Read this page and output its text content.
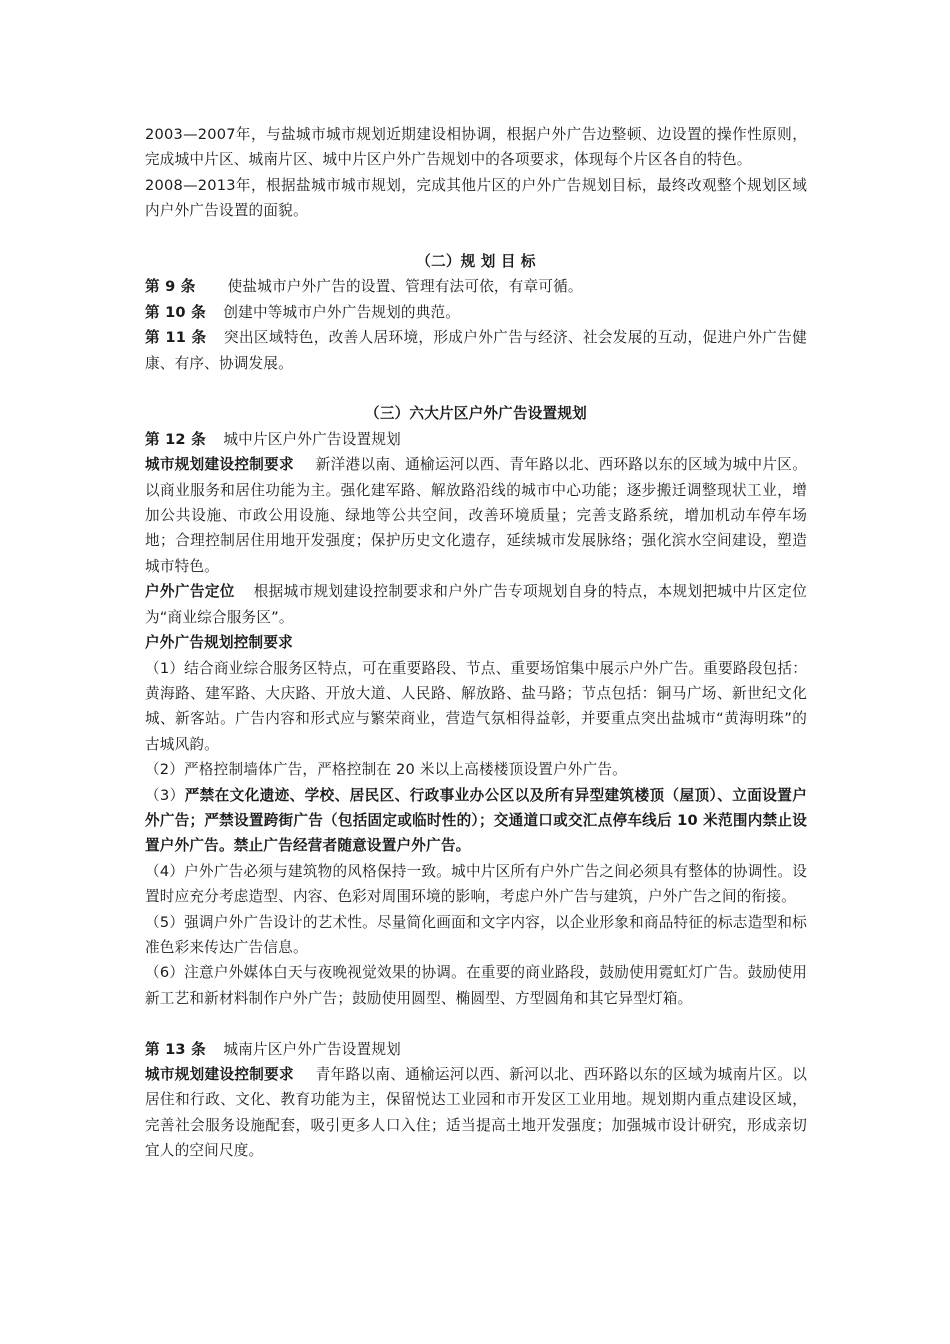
2003—2007年，与盐城市城市规划近期建设相协调，根据户外广告边整顿、边设置的操作性原则，完成城中片区、城南片区、城中片区户外广告规划中的各项要求，体现每个片区各自的特色。

2008—2013年，根据盐城市城市规划，完成其他片区的户外广告规划目标，最终改观整个规划区域内户外广告设置的面貌。

（二）规 划 目 标

第 9 条 使盐城市户外广告的设置、管理有法可依，有章可循。

第 10 条 创建中等城市户外广告规划的典范。

第 11 条 突出区域特色，改善人居环境，形成户外广告与经济、社会发展的互动，促进户外广告健康、有序、协调发展。

（三）六大片区户外广告设置规划

第 12 条 城中片区户外广告设置规划

城市规划建设控制要求 新洋港以南、通榆运河以西、青年路以北、西环路以东的区域为城中片区。以商业服务和居住功能为主。强化建军路、解放路沿线的城市中心功能；逐步搬迁调整现状工业，增加公共设施、市政公用设施、绿地等公共空间，改善环境质量；完善支路系统，增加机动车停车场地；合理控制居住用地开发强度；保护历史文化遗存，延续城市发展脉络；强化滨水空间建设，塑造城市特色。

户外广告定位 根据城市规划建设控制要求和户外广告专项规划自身的特点，本规划把城中片区定位为“商业综合服务区”。

户外广告规划控制要求

（1）结合商业综合服务区特点，可在重要路段、节点、重要场馆集中展示户外广告。重要路段包括：黄海路、建军路、大庆路、开放大道、人民路、解放路、盐马路；节点包括：铜马广场、新世纪文化城、新客站。广告内容和形式应与繁荣商业，营造气氛相得益彰，并要重点突出盐城市“黄海明珠”的古城风韵。

（2）严格控制墙体广告，严格控制在 20 米以上高楼楼顶设置户外广告。

（3）严禁在文化遗迹、学校、居民区、行政事业办公区以及所有异型建筑楼顶（屋顶）、立面设置户外广告；严禁设置跨街广告（包括固定或临时性的）；交通道口或交汇点停车线后 10 米范围内禁止设置户外广告。禁止广告经营者随意设置户外广告。

（4）户外广告必须与建筑物的风格保持一致。城中片区所有户外广告之间必须具有整体的协调性。设置时应充分考虑造型、内容、色彩对周围环境的影响，考虑户外广告与建筑，户外广告之间的衔接。

（5）强调户外广告设计的艺术性。尽量简化画面和文字内容，以企业形象和商品特征的标志造型和标准色彩来传达广告信息。

（6）注意户外媒体白天与夜晚视觉效果的协调。在重要的商业路段，鼓励使用霓虹灯广告。鼓励使用新工艺和新材料制作户外广告；鼓励使用圆型、椭圆型、方型圆角和其它异型灯箱。

第 13 条 城南片区户外广告设置规划

城市规划建设控制要求 青年路以南、通榆运河以西、新河以北、西环路以东的区域为城南片区。以居住和行政、文化、教育功能为主，保留悦达工业园和市开发区工业用地。规划期内重点建设区域，完善社会服务设施配套，吸引更多人口入住；适当提高土地开发强度；加强城市设计研究，形成亲切宜人的空间尺度。
